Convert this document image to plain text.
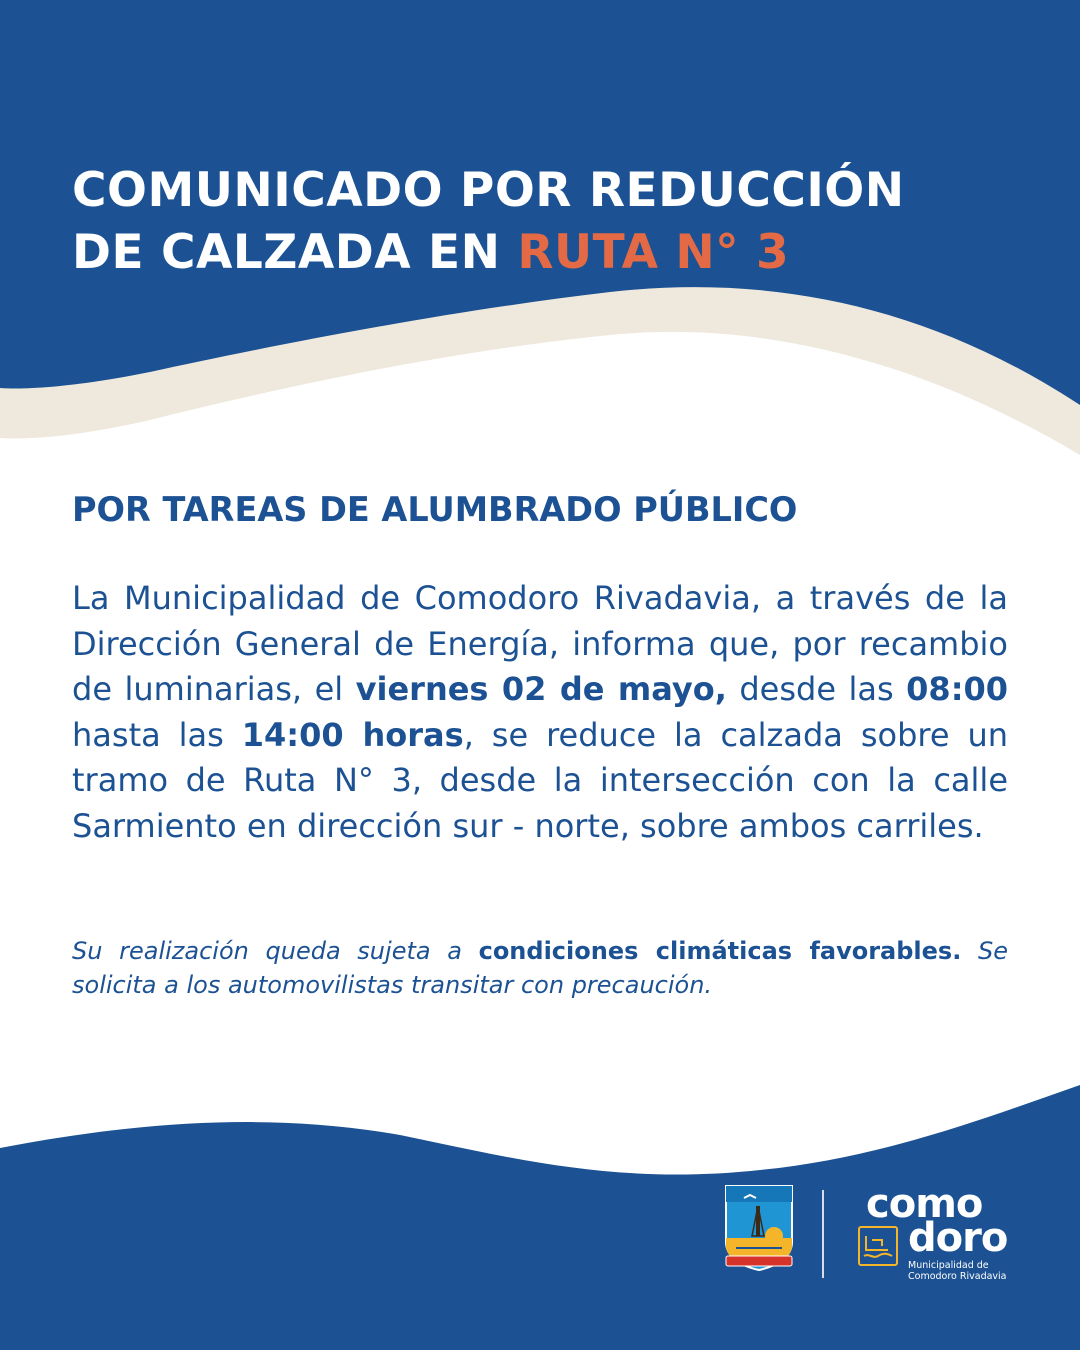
COMUNICADO POR REDUCCIÓN
DE CALZADA EN RUTA N° 3
POR TAREAS DE ALUMBRADO PÚBLICO

La Municipalidad de Comodoro Rivadavia, a través de la Dirección General de Energía, informa que, por recambio de luminarias, el viernes 02 de mayo, desde las 08:00 hasta las 14:00 horas, se reduce la calzada sobre un tramo de Ruta N° 3, desde la intersección con la calle Sarmiento en dirección sur - norte, sobre ambos carriles.

Su realización queda sujeta a condiciones climáticas favorables. Se solicita a los automovilistas transitar con precaución.

como
doro
Municipalidad de
Comodoro Rivadavia
